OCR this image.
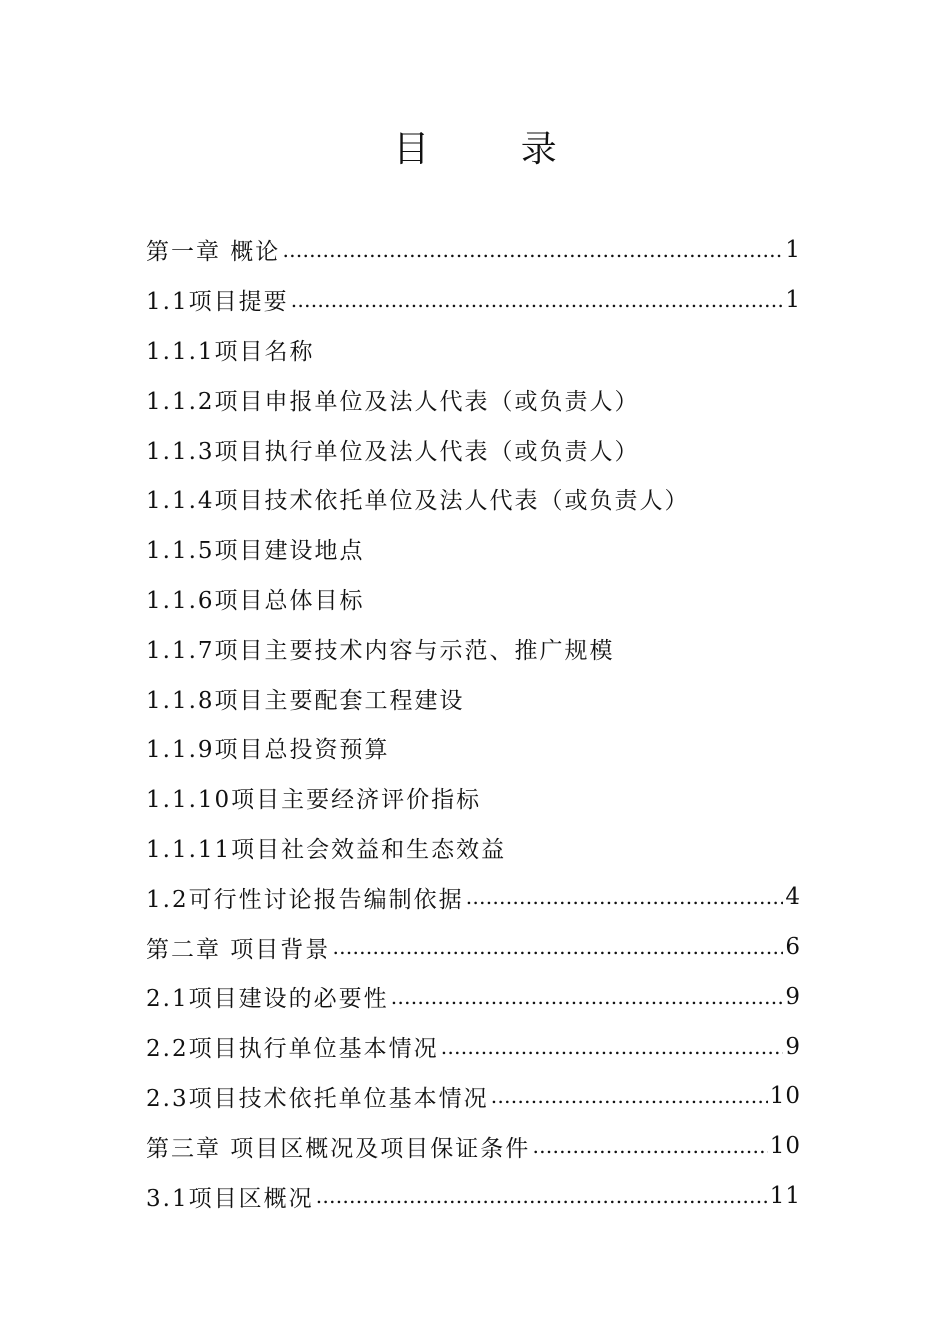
目 录
第一章 概论 …………………………………………………………………………………………………………………………	1
1.1项目提要 …………………………………………………………………………………………………………………………	1
1.1.1项目名称
1.1.2项目申报单位及法人代表（或负责人）
1.1.3项目执行单位及法人代表（或负责人）
1.1.4项目技术依托单位及法人代表（或负责人）
1.1.5项目建设地点
1.1.6项目总体目标
1.1.7项目主要技术内容与示范、推广规模
1.1.8项目主要配套工程建设
1.1.9项目总投资预算
1.1.10项目主要经济评价指标
1.1.11项目社会效益和生态效益
1.2可行性讨论报告编制依据 …………………………………………………………………………………………………………………………	4
第二章 项目背景 …………………………………………………………………………………………………………………………	6
2.1项目建设的必要性 …………………………………………………………………………………………………………………………	9
2.2项目执行单位基本情况 …………………………………………………………………………………………………………………………	9
2.3项目技术依托单位基本情况 …………………………………………………………………………………………………………………………	10
第三章 项目区概况及项目保证条件 …………………………………………………………………………………………………………………………	10
3.1项目区概况 …………………………………………………………………………………………………………………………	11
